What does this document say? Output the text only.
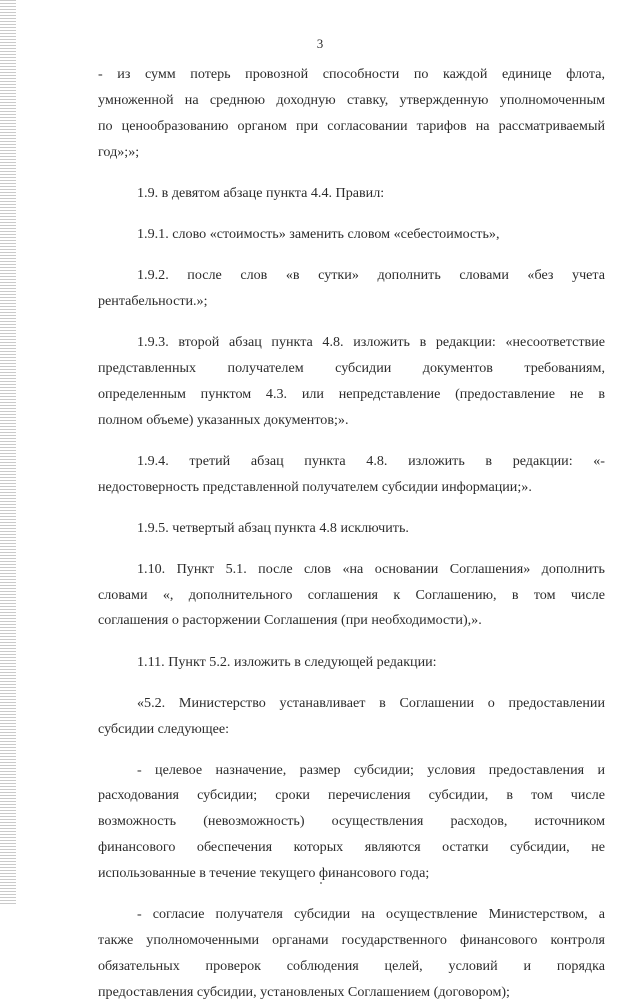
3
- из сумм потерь провозной способности по каждой единице флота,
умноженной на среднюю доходную ставку, утвержденную уполномоченным
по ценообразованию органом при согласовании тарифов на рассматриваемый
год»;»;
1.9. в девятом абзаце пункта 4.4. Правил:
1.9.1. слово «стоимость» заменить словом «себестоимость»,
1.9.2. после слов «в сутки» дополнить словами «без учета
рентабельности.»;
1.9.3. второй абзац пункта 4.8. изложить в редакции: «несоответствие
представленных получателем субсидии документов требованиям,
определенным пунктом 4.3. или непредставление (предоставление не в
полном объеме) указанных документов;».
1.9.4. третий абзац пункта 4.8. изложить в редакции: «-
недостоверность представленной получателем субсидии информации;».
1.9.5. четвертый абзац пункта 4.8 исключить.
1.10. Пункт 5.1. после слов «на основании Соглашения» дополнить
словами «, дополнительного соглашения к Соглашению, в том числе
соглашения о расторжении Соглашения (при необходимости),».
1.11. Пункт 5.2. изложить в следующей редакции:
«5.2. Министерство устанавливает в Соглашении о предоставлении
субсидии следующее:
- целевое назначение, размер субсидии; условия предоставления и
расходования субсидии; сроки перечисления субсидии, в том числе
возможность (невозможность) осуществления расходов, источником
финансового обеспечения которых являются остатки субсидии, не
использованные в течение текущего финансового года;
- согласие получателя субсидии на осуществление Министерством, а
также уполномоченными органами государственного финансового контроля
обязательных проверок соблюдения целей, условий и порядка
предоставления субсидии, установленых Соглашением (договором);
